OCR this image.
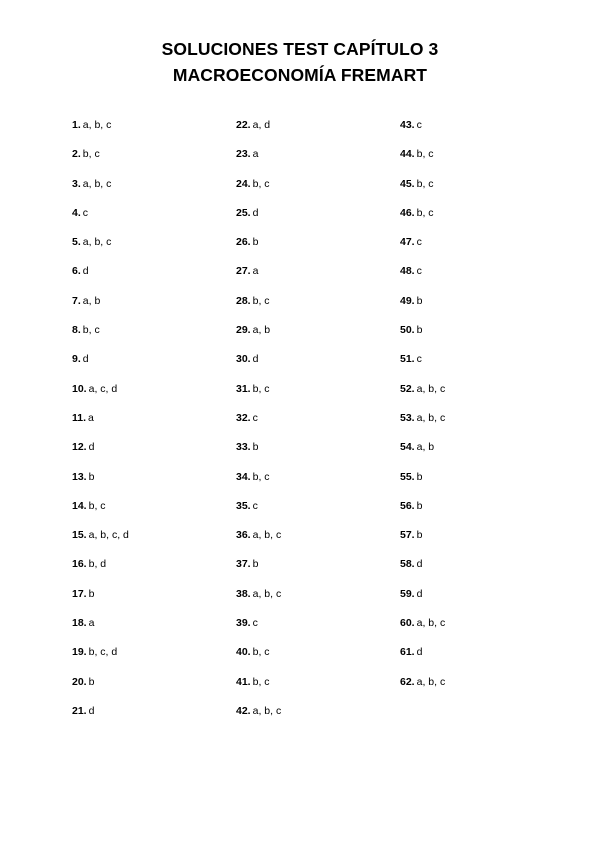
SOLUCIONES TEST CAPÍTULO 3
MACROECONOMÍA FREMART
1. a, b, c
2. b, c
3. a, b, c
4. c
5. a, b, c
6. d
7. a, b
8. b, c
9. d
10. a, c, d
11. a
12. d
13. b
14. b, c
15. a, b, c, d
16. b, d
17. b
18. a
19. b, c, d
20. b
21. d
22. a, d
23. a
24. b, c
25. d
26. b
27. a
28. b, c
29. a, b
30. d
31. b, c
32. c
33. b
34. b, c
35. c
36. a, b, c
37. b
38. a, b, c
39. c
40. b, c
41. b, c
42. a, b, c
43. c
44. b, c
45. b, c
46. b, c
47. c
48. c
49. b
50. b
51. c
52. a, b, c
53. a, b, c
54. a, b
55. b
56. b
57. b
58. d
59. d
60. a, b, c
61. d
62. a, b, c
